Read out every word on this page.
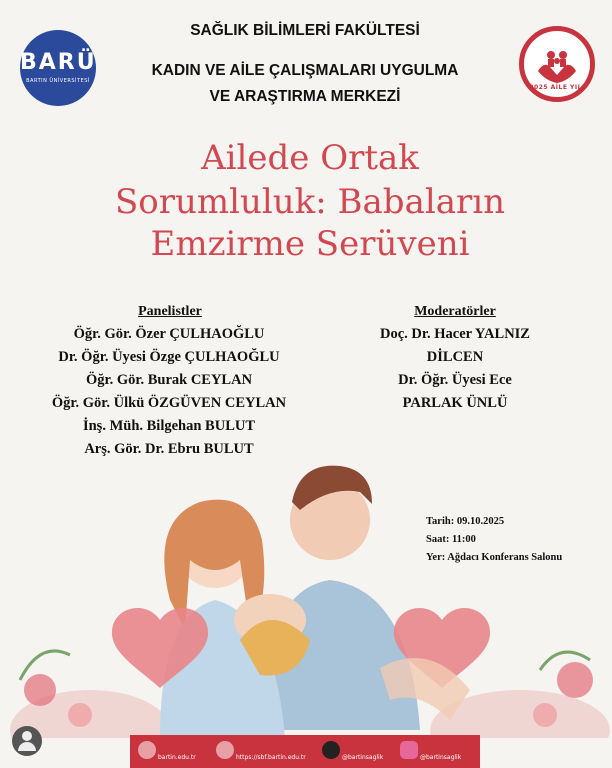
BARÜ
BARTIN ÜNİVERSİTESİ
2025 AİLE YILI
SAĞLIK BİLİMLERİ FAKÜLTESİ
KADIN VE AİLE ÇALIŞMALARI UYGULMA
VE ARAŞTIRMA MERKEZİ
Ailede Ortak
Sorumluluk: Babaların
Emzirme Serüveni
Panelistler
Öğr. Gör. Özer ÇULHAOĞLU
Dr. Öğr. Üyesi Özge ÇULHAOĞLU
Öğr. Gör. Burak CEYLAN
Öğr. Gör. Ülkü ÖZGÜVEN CEYLAN
İnş. Müh. Bilgehan BULUT
Arş. Gör. Dr. Ebru BULUT
Moderatörler
Doç. Dr. Hacer YALNIZ
DİLCEN
Dr. Öğr. Üyesi Ece
PARLAK ÜNLÜ
Tarih: 09.10.2025
Saat: 11:00
Yer: Ağdacı Konferans Salonu
bartin.edu.tr	https://sbf.bartin.edu.tr	@bartinsaglik	@bartinsaglik
